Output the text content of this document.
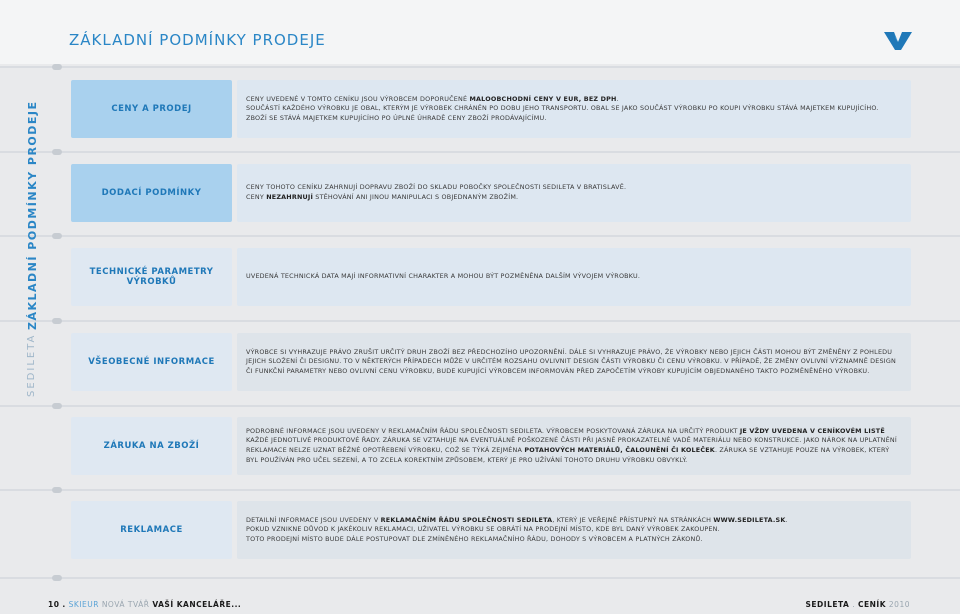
ZÁKLADNÍ PODMÍNKY PRODEJE
ZÁKLADNÍ PODMÍNKY PRODEJE
SEDILETA
CENY A PRODEJ

CENY UVEDENÉ V TOMTO CENÍKU JSOU VÝROBCEM DOPORUČENÉ MALOOBCHODNÍ CENY V EUR, BEZ DPH.

SOUČÁSTÍ KAŽDÉHO VÝROBKU JE OBAL, KTERÝM JE VÝROBEK CHRÁNĚN PO DOBU JEHO TRANSPORTU. OBAL SE JAKO SOUČÁST VÝROBKU PO KOUPI VÝROBKU STÁVÁ MAJETKEM KUPUJÍCÍHO.

ZBOŽÍ SE STÁVÁ MAJETKEM KUPUJÍCÍHO PO ÚPLNÉ ÚHRADĚ CENY ZBOŽÍ PRODÁVAJÍCÍMU.

DODACÍ PODMÍNKY

CENY TOHOTO CENÍKU ZAHRNUJÍ DOPRAVU ZBOŽÍ DO SKLADU POBOČKY SPOLEČNOSTI SEDILETA V BRATISLAVĚ.

CENY NEZAHRNUJÍ STĚHOVÁNÍ ANI JINOU MANIPULACI S OBJEDNANÝM ZBOŽÍM.

TECHNICKÉ PARAMETRY VÝROBKŮ

UVEDENÁ TECHNICKÁ DATA MAJÍ INFORMATIVNÍ CHARAKTER A MOHOU BÝT POZMĚNĚNA DALŠÍM VÝVOJEM VÝROBKU.

VŠEOBECNÉ INFORMACE

VÝROBCE SI VYHRAZUJE PRÁVO ZRUŠIT URČITÝ DRUH ZBOŽÍ BEZ PŘEDCHOZÍHO UPOZORNĚNÍ. DÁLE SI VYHRAZUJE PRÁVO, ŽE VÝROBKY NEBO JEJICH ČÁSTI MOHOU BÝT ZMĚNĚNY Z POHLEDU JEJICH SLOŽENÍ ČI DESIGNU. TO V NĚKTERÝCH PŘÍPADECH MŮŽE V URČITÉM ROZSAHU OVLIVNIT DESIGN ČÁSTI VÝROBKU ČI CENU VÝROBKU. V PŘÍPADĚ, ŽE ZMĚNY OVLIVNÍ VÝZNAMNĚ DESIGN ČI FUNKČNÍ PARAMETRY NEBO OVLIVNÍ CENU VÝROBKU, BUDE KUPUJÍCÍ VÝROBCEM INFORMOVÁN PŘED ZAPOČETÍM VÝROBY KUPUJÍCÍM OBJEDNANÉHO TAKTO POZMĚNĚNÉHO VÝROBKU.

ZÁRUKA NA ZBOŽÍ

PODROBNÉ INFORMACE JSOU UVEDENY V REKLAMAČNÍM ŘÁDU SPOLEČNOSTI SEDILETA. VÝROBCEM POSKYTOVANÁ ZÁRUKA NA URČITÝ PRODUKT JE VŽDY UVEDENA V CENÍKOVÉM LISTĚ KAŽDÉ JEDNOTLIVÉ PRODUKTOVÉ ŘADY. ZÁRUKA SE VZTAHUJE NA EVENTUÁLNĚ POŠKOZENÉ ČÁSTI PŘI JASNĚ PROKAZATELNÉ VADĚ MATERIÁLU NEBO KONSTRUKCE. JAKO NÁROK NA UPLATNĚNÍ REKLAMACE NELZE UZNAT BĚŽNÉ OPOTŘEBENÍ VÝROBKU, COŽ SE TÝKÁ ZEJMÉNA POTAHOVÝCH MATERIÁLŮ, ČALOUNĚNÍ ČI KOLEČEK. ZÁRUKA SE VZTAHUJE POUZE NA VÝROBEK, KTERÝ BYL POUŽÍVÁN PRO UČEL SEZENÍ, A TO ZCELA KOREKTNÍM ZPŮSOBEM, KTERÝ JE PRO UŽÍVÁNÍ TOHOTO DRUHU VÝROBKU OBVYKLÝ.

REKLAMACE

DETAILNÍ INFORMACE JSOU UVEDENY V REKLAMAČNÍM ŘÁDU SPOLEČNOSTI SEDILETA, KTERÝ JE VEŘEJNĚ PŘÍSTUPNÝ NA STRÁNKÁCH WWW.SEDILETA.SK.

POKUD VZNIKNE DŮVOD K JAKÉKOLIV REKLAMACI, UŽIVATEL VÝROBKU SE OBRÁTÍ NA PRODEJNÍ MÍSTO, KDE BYL DANÝ VÝROBEK ZAKOUPEN.

TOTO PRODEJNÍ MÍSTO BUDE DÁLE POSTUPOVAT DLE ZMÍNĚNÉHO REKLAMAČNÍHO ŘÁDU, DOHODY S VÝROBCEM A PLATNÝCH ZÁKONŮ.

10 . SKIEUR NOVÁ TVÁŘ VAŠÍ KANCELÁŘE...	SEDILETA . CENÍK 2010
